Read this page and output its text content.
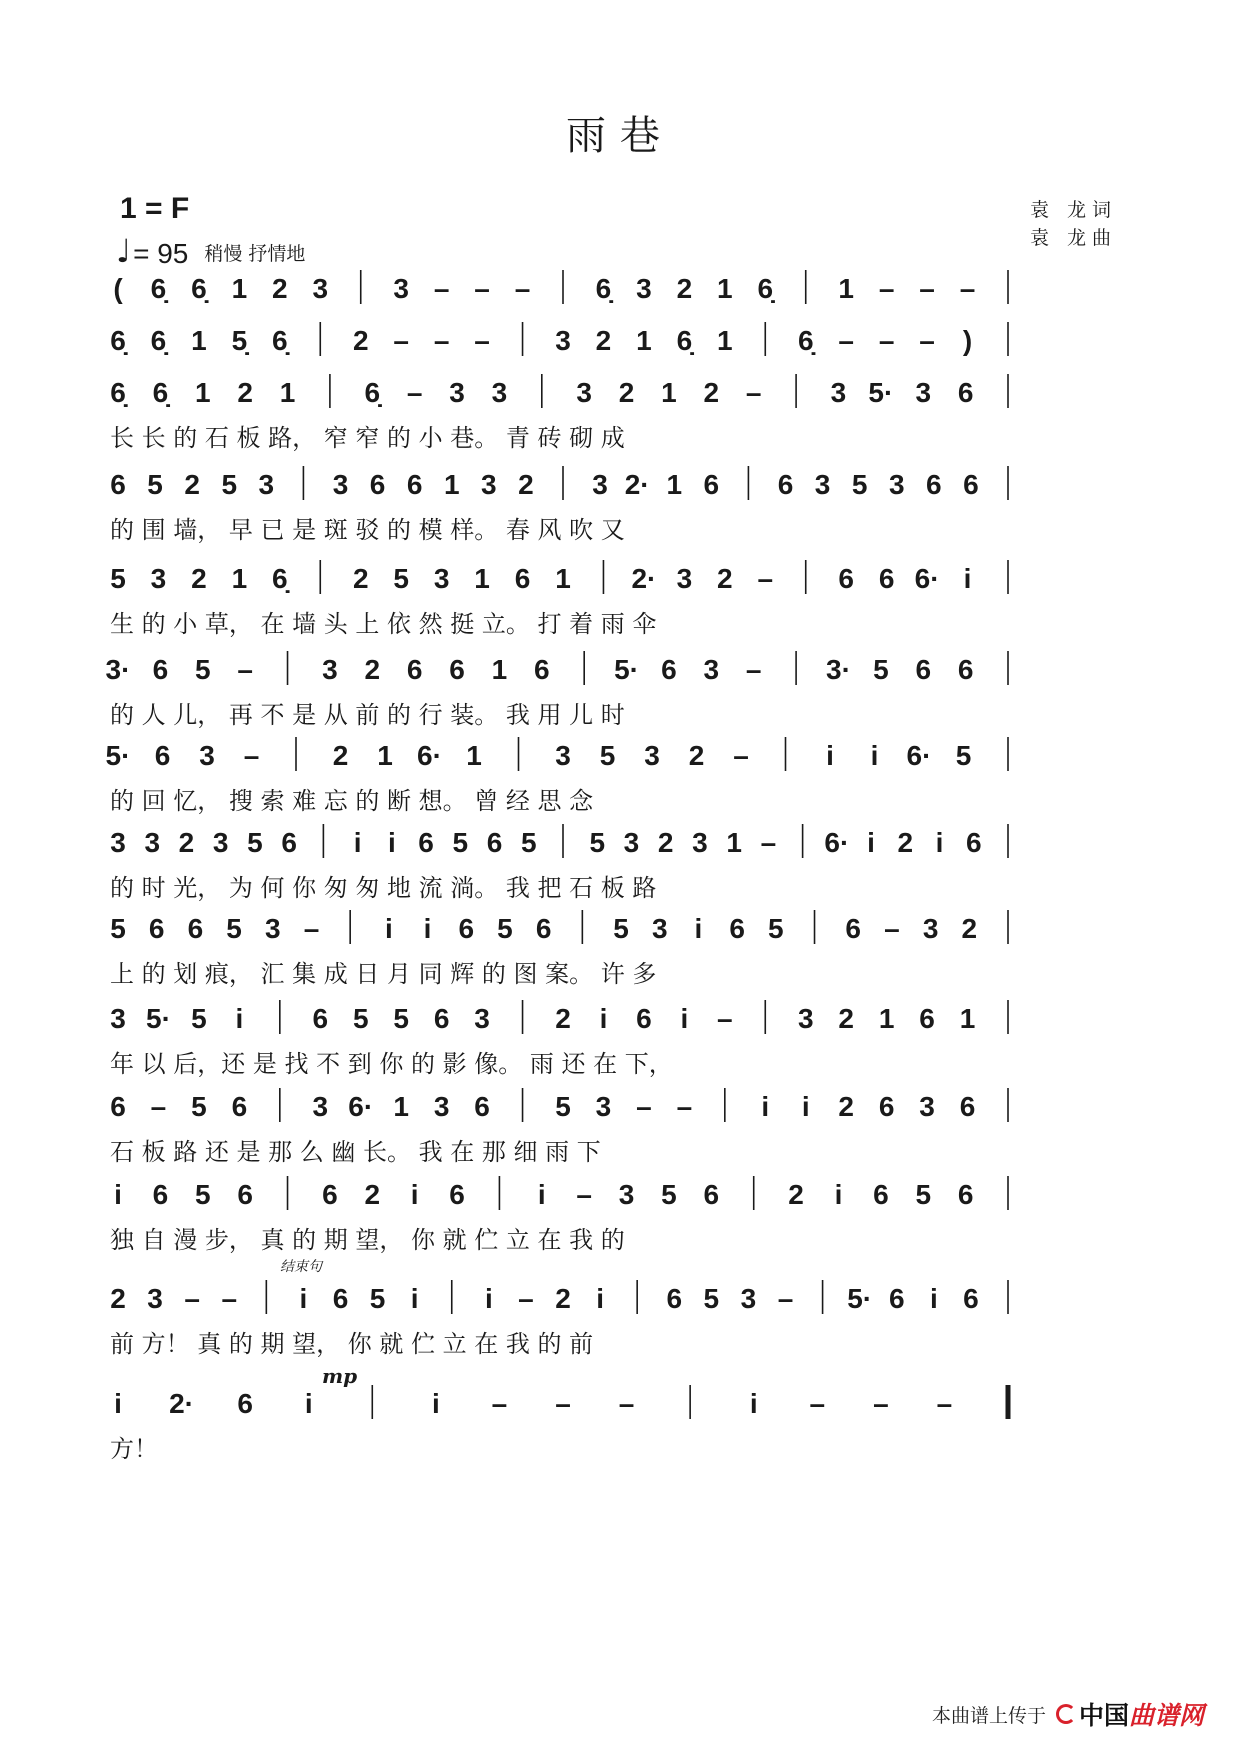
雨巷
1 = F
♩ = 95 稍慢 抒情地
袁 龙词
袁 龙曲
( 6̣ 6̣ 1 2 3 3 – – – 6̣ 3 2 1 6̣ 1 – – –
6̣ 6̣ 1 5̣ 6̣ 2 – – – 3 2 1 6̣ 1 6̣ – – – )
6̣ 6̣ 1 2 1 6̣ – 3 3 3 2 1 2 – 3 5· 3 6
长 长 的 石 板 路， 窄 窄 的 小 巷。 青 砖 砌 成
6 5 2 5 3 3 6 6 1 3 2 3 2· 1 6 6 3 5 3 6 6
的 围 墙， 早 已 是 斑 驳 的 模 样。 春 风 吹 又
5 3 2 1 6̣ 2 5 3 1 6 1 2· 3 2 – 6 6 6· i
生 的 小 草， 在 墙 头 上 依 然 挺 立。 打 着 雨 伞
3· 6 5 – 3 2 6 6 1 6 5· 6 3 – 3· 5 6 6
的 人 儿， 再 不 是 从 前 的 行 装。 我 用 儿 时
5· 6 3 –	2 1 6· 1	3 5 3 2 –	i i 6· 5
的 回 忆， 搜 索 难 忘 的 断 想。 曾 经 思 念
3 3 2 3 5 6 i i 6 5 6 5 5 3 2 3 1 – 6· i 2 i 6
的 时 光， 为 何 你 匆 匆 地 流 淌。 我 把 石 板 路
5 6 6 5 3 – i i 6 5 6 5 3 i 6 5 6 – 3 2
上 的 划 痕， 汇 集 成 日 月 同 辉 的 图 案。 许 多
3 5· 5 i 6 5 5 6 3 2 i 6 i – 3 2 1 6 1
年 以 后，还 是 找 不 到 你 的 影 像。 雨 还 在 下，
6 – 5 6 3 6· 1 3 6 5 3 – – i i 2 6 3 6
石 板 路 还 是 那 么 幽 长。 我 在 那 细 雨 下
i 6 5 6 6 2 i 6	i – 3 5 6 2 i 6 5 6
独 自 漫 步， 真 的 期 望， 你 就 伫 立 在 我 的
2 3 – – i 6 5 i i – 2 i 6 5 3 – 5· 6 i 6
前 方！ 真 的 期 望， 你 就 伫 立 在 我 的 前
i 2· 6 i	i – – –	i – – –
方！
结束句
mp
本曲谱上传于 中国 曲谱网
